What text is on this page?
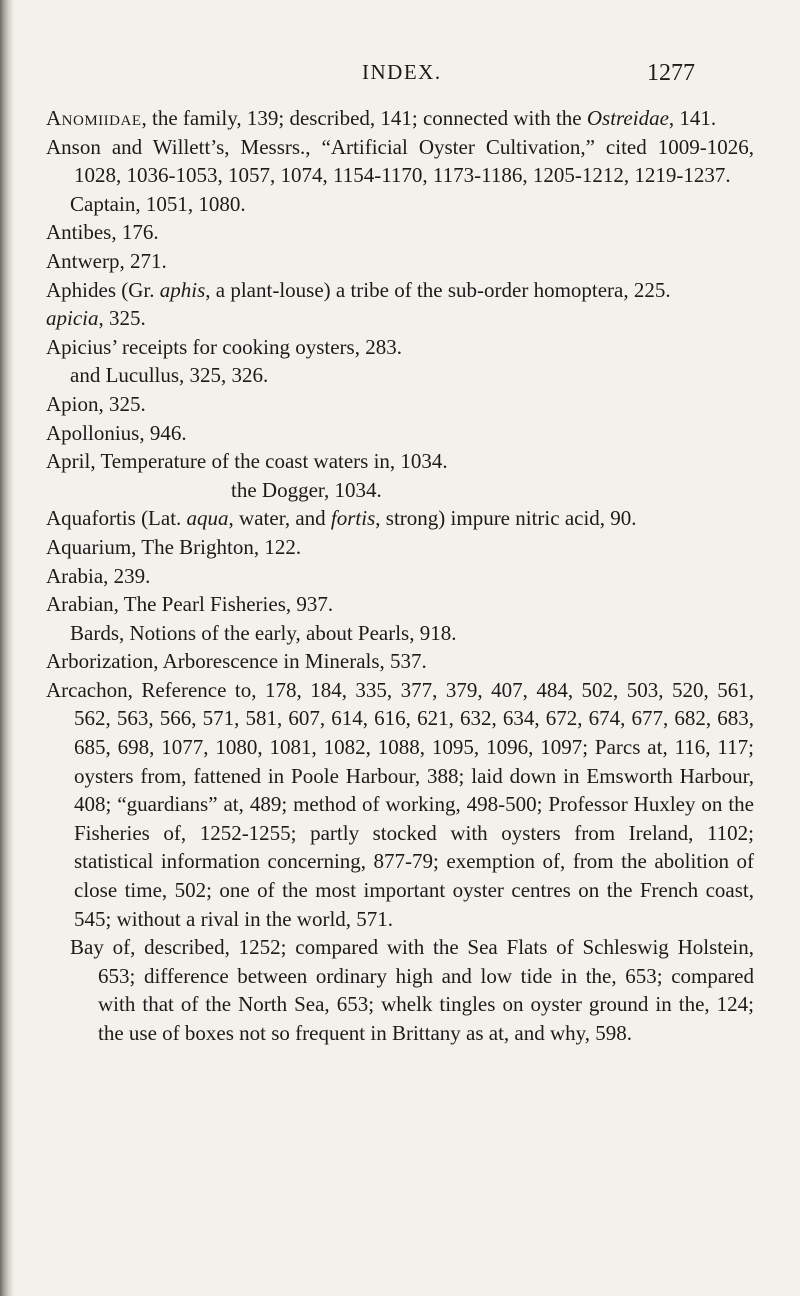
INDEX.	1277

Anomiidae, the family, 139; described, 141; connected with the Ostreidae, 141.

Anson and Willett’s, Messrs., “Artificial Oyster Cultivation,” cited 1009-1026, 1028, 1036-1053, 1057, 1074, 1154-1170, 1173-1186, 1205-1212, 1219-1237.

Captain, 1051, 1080.

Antibes, 176.

Antwerp, 271.

Aphides (Gr. aphis, a plant-louse) a tribe of the sub-order homoptera, 225.

apicia, 325.

Apicius’ receipts for cooking oysters, 283.

and Lucullus, 325, 326.

Apion, 325.

Apollonius, 946.

April, Temperature of the coast waters in, 1034.

the Dogger, 1034.

Aquafortis (Lat. aqua, water, and fortis, strong) impure nitric acid, 90.

Aquarium, The Brighton, 122.

Arabia, 239.

Arabian, The Pearl Fisheries, 937.

Bards, Notions of the early, about Pearls, 918.

Arborization, Arborescence in Minerals, 537.

Arcachon, Reference to, 178, 184, 335, 377, 379, 407, 484, 502, 503, 520, 561, 562, 563, 566, 571, 581, 607, 614, 616, 621, 632, 634, 672, 674, 677, 682, 683, 685, 698, 1077, 1080, 1081, 1082, 1088, 1095, 1096, 1097; Parcs at, 116, 117; oysters from, fattened in Poole Harbour, 388; laid down in Emsworth Harbour, 408; “guardians” at, 489; method of working, 498-500; Professor Huxley on the Fisheries of, 1252-1255; partly stocked with oysters from Ireland, 1102; statistical information concerning, 877-79; exemption of, from the abolition of close time, 502; one of the most important oyster centres on the French coast, 545; without a rival in the world, 571.

Bay of, described, 1252; compared with the Sea Flats of Schleswig Holstein, 653; difference between ordinary high and low tide in the, 653; compared with that of the North Sea, 653; whelk tingles on oyster ground in the, 124; the use of boxes not so frequent in Brittany as at, and why, 598.
